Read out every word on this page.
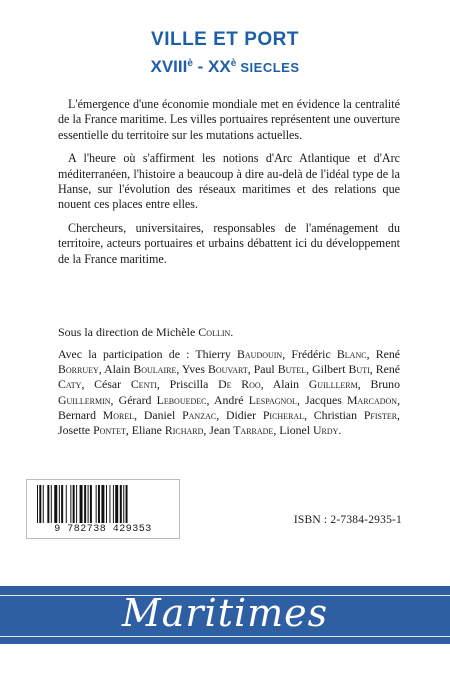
VILLE ET PORT
$XVIII^è - XX^è$ SIECLES

L'émergence d'une économie mondiale met en évidence la centralité de la France maritime. Les villes portuaires représentent une ouverture essentielle du territoire sur les mutations actuelles.

A l'heure où s'affirment les notions d'Arc Atlantique et d'Arc méditerranéen, l'histoire a beaucoup à dire au-delà de l'idéal type de la Hanse, sur l'évolution des réseaux maritimes et des relations que nouent ces places entre elles.

Chercheurs, universitaires, responsables de l'aménagement du territoire, acteurs portuaires et urbains débattent ici du développement de la France maritime.

Sous la direction de Michèle Collin.
Avec la participation de : Thierry Baudouin, Frédéric Blanc, René Borruey, Alain Boulaire, Yves Bouvart, Paul Butel, Gilbert Buti, René Caty, César Centi, Priscilla De Roo, Alain Guilllerm, Bruno Guillermin, Gérard Lebouedec, André Lespagnol, Jacques Marcadon, Bernard Morel, Daniel Panzac, Didier Picheral, Christian Pfister, Josette Pontet, Eliane Richard, Jean Tarrade, Lionel Urdy.
9 782738 429353
ISBN : 2-7384-2935-1
Maritimes
